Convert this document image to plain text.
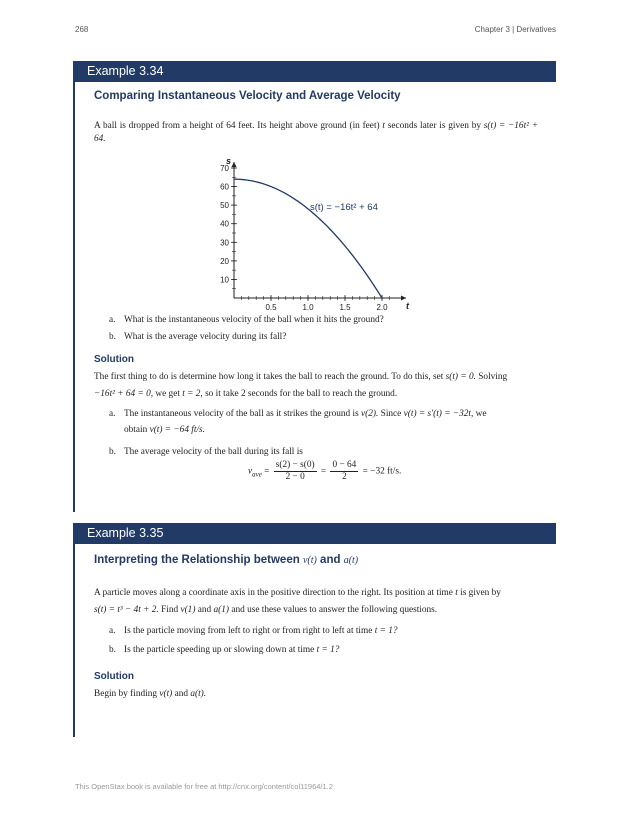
268	Chapter 3 | Derivatives
Example 3.34
Comparing Instantaneous Velocity and Average Velocity
A ball is dropped from a height of 64 feet. Its height above ground (in feet) t seconds later is given by s(t) = −16t² + 64.
t
s
0.5	1.0	1.5	2.0
10
20
30
40
50
60
70
s(t) = −16t² + 64
a. What is the instantaneous velocity of the ball when it hits the ground?
b. What is the average velocity during its fall?
Solution
The first thing to do is determine how long it takes the ball to reach the ground. To do this, set s(t) = 0. Solving
−16t² + 64 = 0, we get t = 2, so it take 2 seconds for the ball to reach the ground.
a. The instantaneous velocity of the ball as it strikes the ground is v(2). Since v(t) = s′(t) = −32t, we
obtain v(t) = −64 ft/s.
b. The average velocity of the ball during its fall is
$v_{ave} = \frac{s(2) - s(0)}{2 - 0} = \frac{0 - 64}{2} = -32$ ft/s.
Example 3.35
Interpreting the Relationship between v(t) and a(t)
A particle moves along a coordinate axis in the positive direction to the right. Its position at time t is given by
s(t) = t³ − 4t + 2. Find v(1) and a(1) and use these values to answer the following questions.
a. Is the particle moving from left to right or from right to left at time t = 1?
b. Is the particle speeding up or slowing down at time t = 1?
Solution
Begin by finding v(t) and a(t).
This OpenStax book is available for free at http://cnx.org/content/col11964/1.2
